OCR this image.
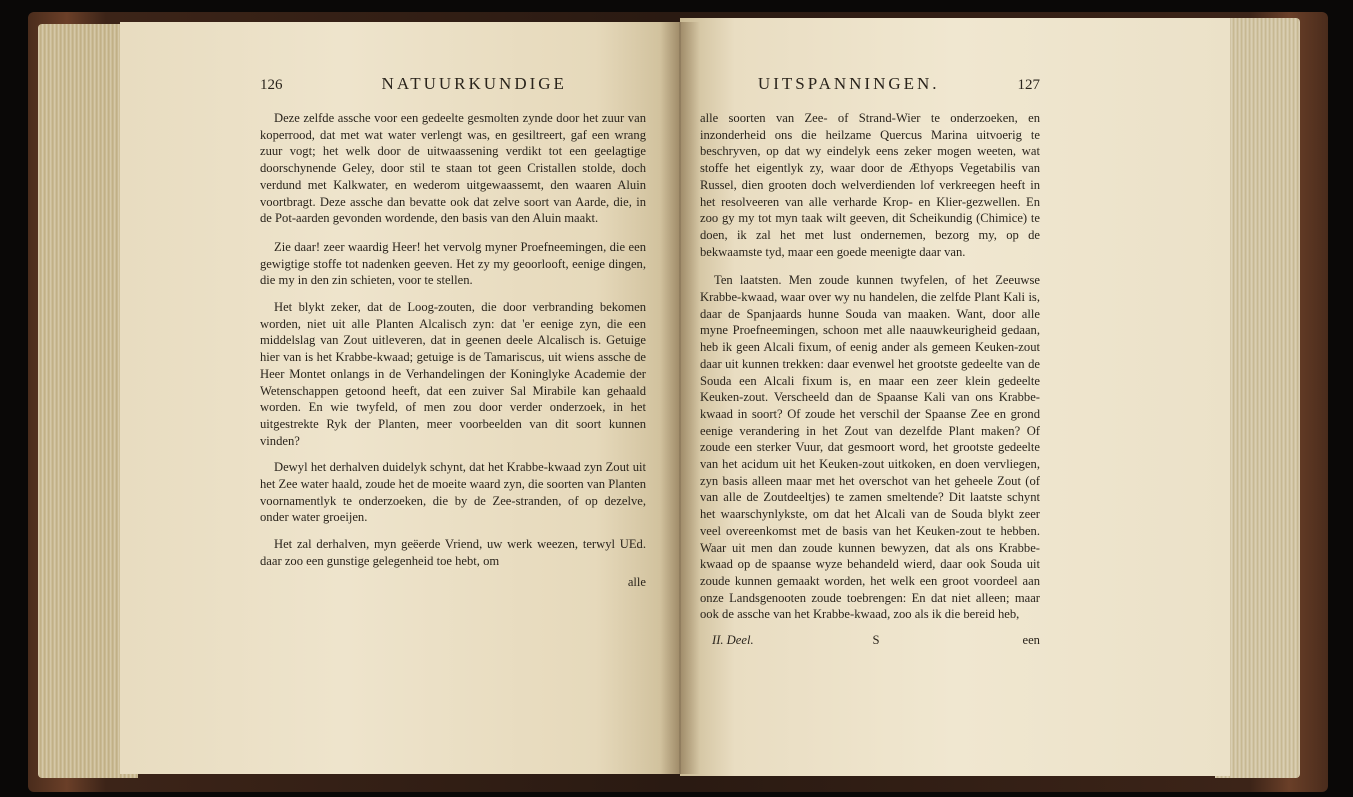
126	NATUURKUNDIGE

Deze zelfde assche voor een gedeelte gesmolten zynde door het zuur van koperrood, dat met wat water verlengt was, en gesiltreert, gaf een wrang zuur vogt; het welk door de uitwaassening verdikt tot een geelagtige doorschynende Geley, door stil te staan tot geen Cristallen stolde, doch verdund met Kalkwater, en wederom uitgewaassemt, den waaren Aluin voortbragt. Deze assche dan bevatte ook dat zelve soort van Aarde, die, in de Pot-aarden gevonden wordende, den basis van den Aluin maakt.

Zie daar! zeer waardig Heer! het vervolg myner Proefneemingen, die een gewigtige stoffe tot nadenken geeven. Het zy my geoorlooft, eenige dingen, die my in den zin schieten, voor te stellen.

Het blykt zeker, dat de Loog-zouten, die door verbranding bekomen worden, niet uit alle Planten Alcalisch zyn: dat 'er eenige zyn, die een middelslag van Zout uitleveren, dat in geenen deele Alcalisch is. Getuige hier van is het Krabbe-kwaad; getuige is de Tamariscus, uit wiens assche de Heer Montet onlangs in de Verhandelingen der Koninglyke Academie der Wetenschappen getoond heeft, dat een zuiver Sal Mirabile kan gehaald worden. En wie twyfeld, of men zou door verder onderzoek, in het uitgestrekte Ryk der Planten, meer voorbeelden van dit soort kunnen vinden?

Dewyl het derhalven duidelyk schynt, dat het Krabbe-kwaad zyn Zout uit het Zee water haald, zoude het de moeite waard zyn, die soorten van Planten voornamentlyk te onderzoeken, die by de Zee-stranden, of op dezelve, onder water groeijen.

Het zal derhalven, myn geëerde Vriend, uw werk weezen, terwyl UEd. daar zoo een gunstige gelegenheid toe hebt, om

alle
UITSPANNINGEN.	127

alle soorten van Zee- of Strand-Wier te onderzoeken, en inzonderheid ons die heilzame Quercus Marina uitvoerig te beschryven, op dat wy eindelyk eens zeker mogen weeten, wat stoffe het eigentlyk zy, waar door de Æthyops Vegetabilis van Russel, dien grooten doch welverdienden lof verkreegen heeft in het resolveeren van alle verharde Krop- en Klier-gezwellen. En zoo gy my tot myn taak wilt geeven, dit Scheikundig (Chimice) te doen, ik zal het met lust ondernemen, bezorg my, op de bekwaamste tyd, maar een goede meenigte daar van.

Ten laatsten. Men zoude kunnen twyfelen, of het Zeeuwse Krabbe-kwaad, waar over wy nu handelen, die zelfde Plant Kali is, daar de Spanjaards hunne Souda van maaken. Want, door alle myne Proefneemingen, schoon met alle naauwkeurigheid gedaan, heb ik geen Alcali fixum, of eenig ander als gemeen Keuken-zout daar uit kunnen trekken: daar evenwel het grootste gedeelte van de Souda een Alcali fixum is, en maar een zeer klein gedeelte Keuken-zout. Verscheeld dan de Spaanse Kali van ons Krabbe-kwaad in soort? Of zoude het verschil der Spaanse Zee en grond eenige verandering in het Zout van dezelfde Plant maken? Of zoude een sterker Vuur, dat gesmoort word, het grootste gedeelte van het acidum uit het Keuken-zout uitkoken, en doen vervliegen, zyn basis alleen maar met het overschot van het geheele Zout (of van alle de Zoutdeeltjes) te zamen smeltende? Dit laatste schynt het waarschynlykste, om dat het Alcali van de Souda blykt zeer veel overeenkomst met de basis van het Keuken-zout te hebben. Waar uit men dan zoude kunnen bewyzen, dat als ons Krabbe-kwaad op de spaanse wyze behandeld wierd, daar ook Souda uit zoude kunnen gemaakt worden, het welk een groot voordeel aan onze Landsgenooten zoude toebrengen: En dat niet alleen; maar ook de assche van het Krabbe-kwaad, zoo als ik die bereid heb,

II. Deel.	S	een
